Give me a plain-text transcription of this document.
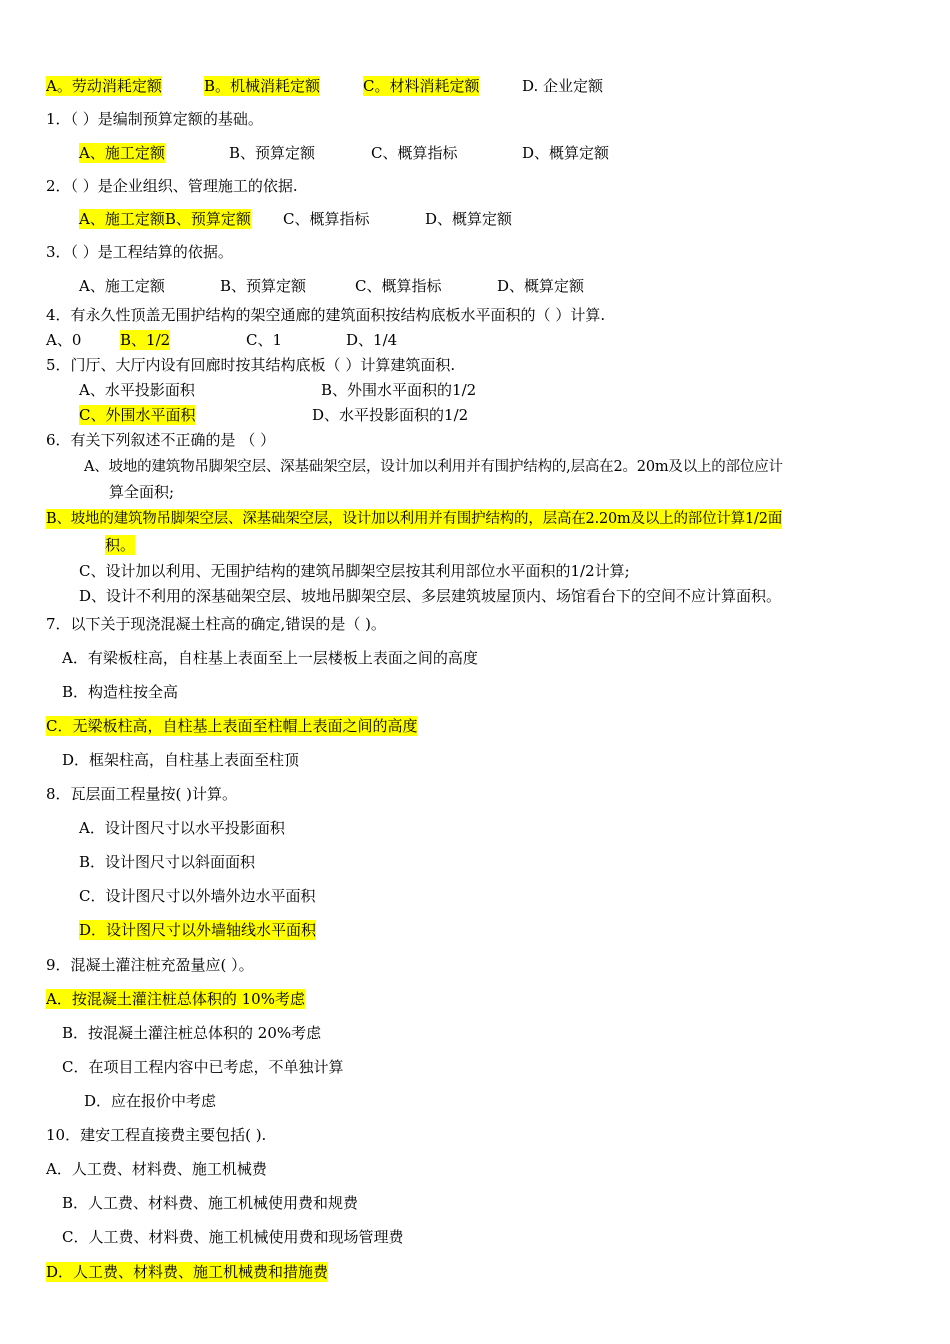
A。劳动消耗定额	B。机械消耗定额	C。材料消耗定额	D. 企业定额
1．（ ）是编制预算定额的基础。
A、施工定额	B、预算定额	C、概算指标	D、概算定额
2．（ ）是企业组织、管理施工的依据.
A、施工定额B、预算定额 C、概算指标	D、概算定额
3．（ ）是工程结算的依据。
A、施工定额	B、预算定额	C、概算指标	D、概算定额
4．有永久性顶盖无围护结构的架空通廊的建筑面积按结构底板水平面积的（ ）计算.
A、0	B、1/2	C、1	D、1/4
5．门厅、大厅内设有回廊时按其结构底板（ ）计算建筑面积.
A、水平投影面积	B、外围水平面积的1/2
C、外围水平面积	D、水平投影面积的1/2
6．有关下列叙述不正确的是 （ ）
A、坡地的建筑物吊脚架空层、深基础架空层，设计加以利用并有围护结构的,层高在2。20m及以上的部位应计
算全面积;
B、坡地的建筑物吊脚架空层、深基础架空层，设计加以利用并有围护结构的，层高在2.20m及以上的部位计算1/2面
积。
C、设计加以利用、无围护结构的建筑吊脚架空层按其利用部位水平面积的1/2计算;
D、设计不利用的深基础架空层、坡地吊脚架空层、多层建筑坡屋顶内、场馆看台下的空间不应计算面积。
7．以下关于现浇混凝土柱高的确定,错误的是（ )。
A．有梁板柱高，自柱基上表面至上一层楼板上表面之间的高度
B．构造柱按全高
C．无梁板柱高，自柱基上表面至柱帽上表面之间的高度
D．框架柱高，自柱基上表面至柱顶
8．瓦层面工程量按( )计算。
A．设计图尺寸以水平投影面积
B．设计图尺寸以斜面面积
C．设计图尺寸以外墙外边水平面积
D．设计图尺寸以外墙轴线水平面积
9．混凝土灌注桩充盈量应( ）。
A．按混凝土灌注桩总体积的 10%考虑
B．按混凝土灌注桩总体积的 20%考虑
C．在项目工程内容中已考虑，不单独计算
D．应在报价中考虑
10．建安工程直接费主要包括( ).
A．人工费、材料费、施工机械费
B．人工费、材料费、施工机械使用费和规费
C．人工费、材料费、施工机械使用费和现场管理费
D．人工费、材料费、施工机械费和措施费
